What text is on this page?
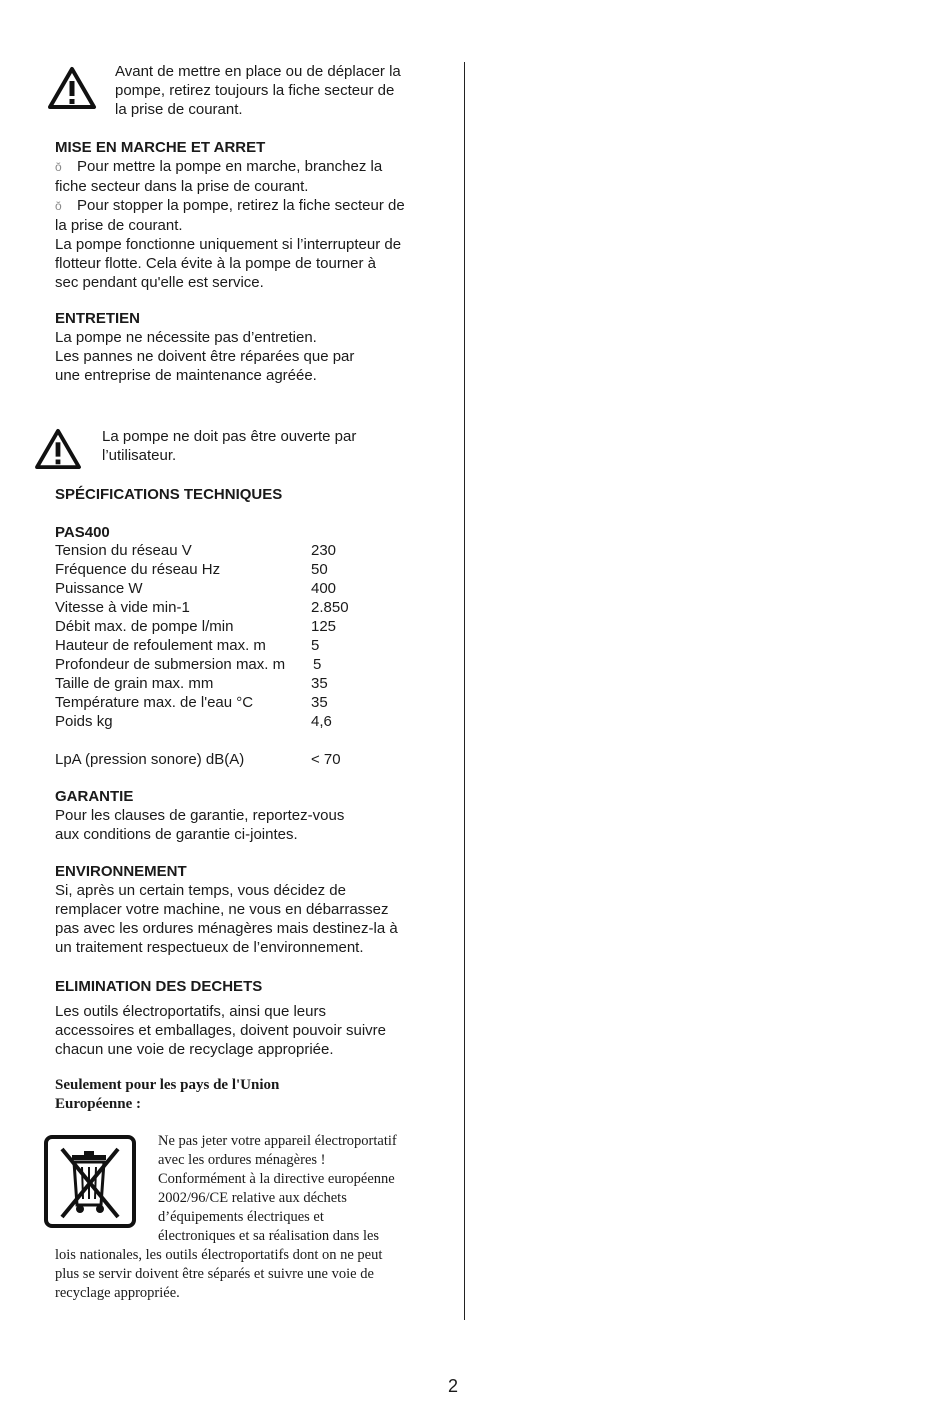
Avant de mettre en place ou de déplacer la
pompe, retirez toujours la fiche secteur de
la prise de courant.
MISE EN MARCHE ET ARRET
ŏ Pour mettre la pompe en marche, branchez la
fiche secteur dans la prise de courant.
ŏ Pour stopper la pompe, retirez la fiche secteur de
la prise de courant.
La pompe fonctionne uniquement si l’interrupteur de
flotteur flotte. Cela évite à la pompe de tourner à
sec pendant qu'elle est service.
ENTRETIEN
La pompe ne nécessite pas d’entretien.
Les pannes ne doivent être réparées que par
une entreprise de maintenance agréée.
La pompe ne doit pas être ouverte par
l’utilisateur.
SPÉCIFICATIONS TECHNIQUES
PAS400
Tension du réseau V	230
Fréquence du réseau Hz	50
Puissance W	400
Vitesse à vide min-1	2.850
Débit max. de pompe l/min	125
Hauteur de refoulement max. m	5
Profondeur de submersion max. m 5
Taille de grain max. mm	35
Température max. de l'eau °C	35
Poids kg	4,6
LpA (pression sonore) dB(A)	< 70
GARANTIE
Pour les clauses de garantie, reportez-vous
aux conditions de garantie ci-jointes.
ENVIRONNEMENT
Si, après un certain temps, vous décidez de
remplacer votre machine, ne vous en débarrassez
pas avec les ordures ménagères mais destinez-la à
un traitement respectueux de l’environnement.
ELIMINATION DES DECHETS
Les outils électroportatifs, ainsi que leurs
accessoires et emballages, doivent pouvoir suivre
chacun une voie de recyclage appropriée.
Seulement pour les pays de l'Union
Européenne :
Ne pas jeter votre appareil électroportatif
avec les ordures ménagères !
Conformément à la directive européenne
2002/96/CE relative aux déchets
d’équipements électriques et
électroniques et sa réalisation dans les
lois nationales, les outils électroportatifs dont on ne peut
plus se servir doivent être séparés et suivre une voie de
recyclage appropriée.
2
